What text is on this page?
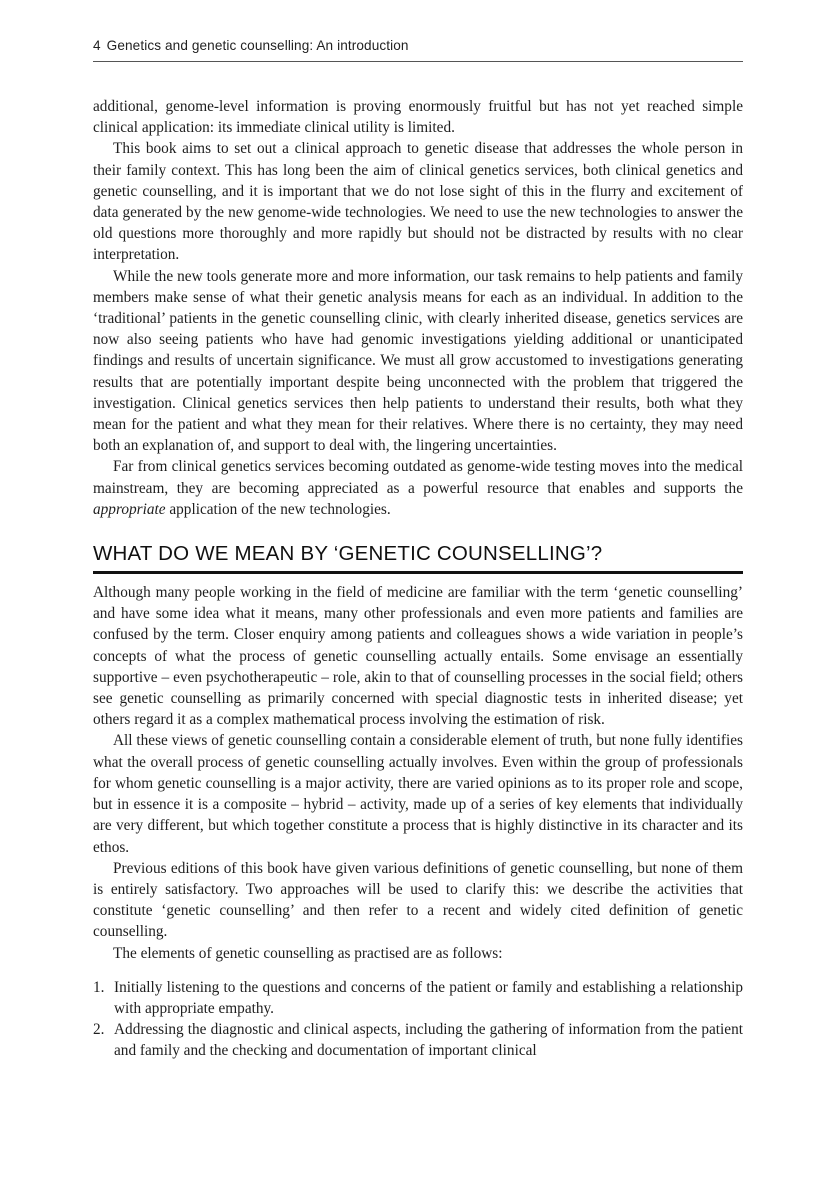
4 Genetics and genetic counselling: An introduction

additional, genome-level information is proving enormously fruitful but has not yet reached simple clinical application: its immediate clinical utility is limited.

This book aims to set out a clinical approach to genetic disease that addresses the whole person in their family context. This has long been the aim of clinical genetics services, both clinical genetics and genetic counselling, and it is important that we do not lose sight of this in the flurry and excitement of data generated by the new genome-wide technologies. We need to use the new technologies to answer the old questions more thoroughly and more rapidly but should not be distracted by results with no clear interpretation.

While the new tools generate more and more information, our task remains to help patients and family members make sense of what their genetic analysis means for each as an individual. In addition to the ‘traditional’ patients in the genetic counselling clinic, with clearly inherited disease, genetics services are now also seeing patients who have had genomic investigations yielding additional or unanticipated findings and results of uncertain significance. We must all grow accustomed to investigations generating results that are potentially important despite being unconnected with the problem that triggered the investigation. Clinical genetics services then help patients to understand their results, both what they mean for the patient and what they mean for their relatives. Where there is no certainty, they may need both an explanation of, and support to deal with, the lingering uncertainties.

Far from clinical genetics services becoming outdated as genome-wide testing moves into the medical mainstream, they are becoming appreciated as a powerful resource that enables and supports the appropriate application of the new technologies.

WHAT DO WE MEAN BY ‘GENETIC COUNSELLING’?

Although many people working in the field of medicine are familiar with the term ‘genetic counselling’ and have some idea what it means, many other professionals and even more patients and families are confused by the term. Closer enquiry among patients and colleagues shows a wide variation in people’s concepts of what the process of genetic counselling actually entails. Some envisage an essentially supportive – even psychotherapeutic – role, akin to that of counselling processes in the social field; others see genetic counselling as primarily concerned with special diagnostic tests in inherited disease; yet others regard it as a complex mathematical process involving the estimation of risk.

All these views of genetic counselling contain a considerable element of truth, but none fully identifies what the overall process of genetic counselling actually involves. Even within the group of professionals for whom genetic counselling is a major activity, there are varied opinions as to its proper role and scope, but in essence it is a composite – hybrid – activity, made up of a series of key elements that individually are very different, but which together constitute a process that is highly distinctive in its character and its ethos.

Previous editions of this book have given various definitions of genetic counselling, but none of them is entirely satisfactory. Two approaches will be used to clarify this: we describe the activities that constitute ‘genetic counselling’ and then refer to a recent and widely cited definition of genetic counselling.

The elements of genetic counselling as practised are as follows:

1. Initially listening to the questions and concerns of the patient or family and establishing a relationship with appropriate empathy.
2. Addressing the diagnostic and clinical aspects, including the gathering of information from the patient and family and the checking and documentation of important clinical
